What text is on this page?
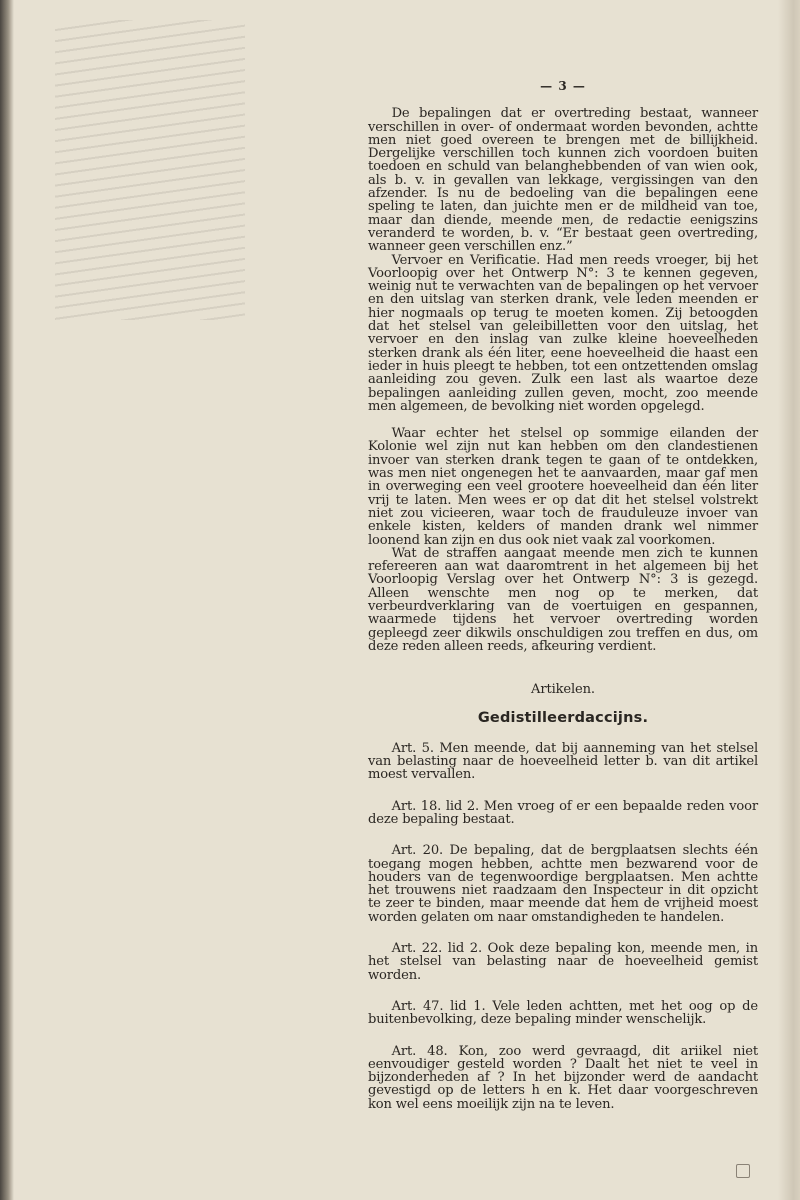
— 3 —

De bepalingen dat er overtreding bestaat, wanneer verschillen in over- of ondermaat worden bevonden, achtte men niet goed overeen te brengen met de billijkheid. Dergelijke verschillen toch kunnen zich voordoen buiten toedoen en schuld van belanghebbenden of van wien ook, als b. v. in gevallen van lekkage, vergissingen van den afzender. Is nu de bedoeling van die bepalingen eene speling te laten, dan juichte men er de mildheid van toe, maar dan diende, meende men, de redactie eenigszins veranderd te worden, b. v. “Er bestaat geen overtreding, wanneer geen verschillen enz.”

Vervoer en Verificatie. Had men reeds vroeger, bij het Voorloopig over het Ontwerp N°: 3 te kennen gegeven, weinig nut te verwachten van de bepalingen op het vervoer en den uitslag van sterken drank, vele leden meenden er hier nogmaals op terug te moeten komen. Zij betoogden dat het stelsel van geleibilletten voor den uitslag, het vervoer en den inslag van zulke kleine hoeveelheden sterken drank als één liter, eene hoeveelheid die haast een ieder in huis pleegt te hebben, tot een ontzettenden omslag aanleiding zou geven. Zulk een last als waartoe deze bepalingen aanleiding zullen geven, mocht, zoo meende men algemeen, de bevolking niet worden opgelegd.

Waar echter het stelsel op sommige eilanden der Kolonie wel zijn nut kan hebben om den clandestienen invoer van sterken drank tegen te gaan of te ontdekken, was men niet ongenegen het te aanvaarden, maar gaf men in overweging een veel grootere hoeveelheid dan één liter vrij te laten. Men wees er op dat dit het stelsel volstrekt niet zou vicieeren, waar toch de frauduleuze invoer van enkele kisten, kelders of manden drank wel nimmer loonend kan zijn en dus ook niet vaak zal voorkomen.

Wat de straffen aangaat meende men zich te kunnen refereeren aan wat daaromtrent in het algemeen bij het Voorloopig Verslag over het Ontwerp N°: 3 is gezegd. Alleen wenschte men nog op te merken, dat verbeurdverklaring van de voertuigen en gespannen, waarmede tijdens het vervoer overtreding worden gepleegd zeer dikwils onschuldigen zou treffen en dus, om deze reden alleen reeds, afkeuring verdient.

Artikelen.
Gedistilleerdaccijns.

Art. 5. Men meende, dat bij aanneming van het stelsel van belasting naar de hoeveelheid letter b. van dit artikel moest vervallen.

Art. 18. lid 2. Men vroeg of er een bepaalde reden voor deze bepaling bestaat.

Art. 20. De bepaling, dat de bergplaatsen slechts één toegang mogen hebben, achtte men bezwarend voor de houders van de tegenwoordige bergplaatsen. Men achtte het trouwens niet raadzaam den Inspecteur in dit opzicht te zeer te binden, maar meende dat hem de vrijheid moest worden gelaten om naar omstandigheden te handelen.

Art. 22. lid 2. Ook deze bepaling kon, meende men, in het stelsel van belasting naar de hoeveelheid gemist worden.

Art. 47. lid 1. Vele leden achtten, met het oog op de buitenbevolking, deze bepaling minder wenschelijk.

Art. 48. Kon, zoo werd gevraagd, dit ariikel niet eenvoudiger gesteld worden ? Daalt het niet te veel in bijzonderheden af ? In het bijzonder werd de aandacht gevestigd op de letters h en k. Het daar voorgeschreven kon wel eens moeilijk zijn na te leven.
